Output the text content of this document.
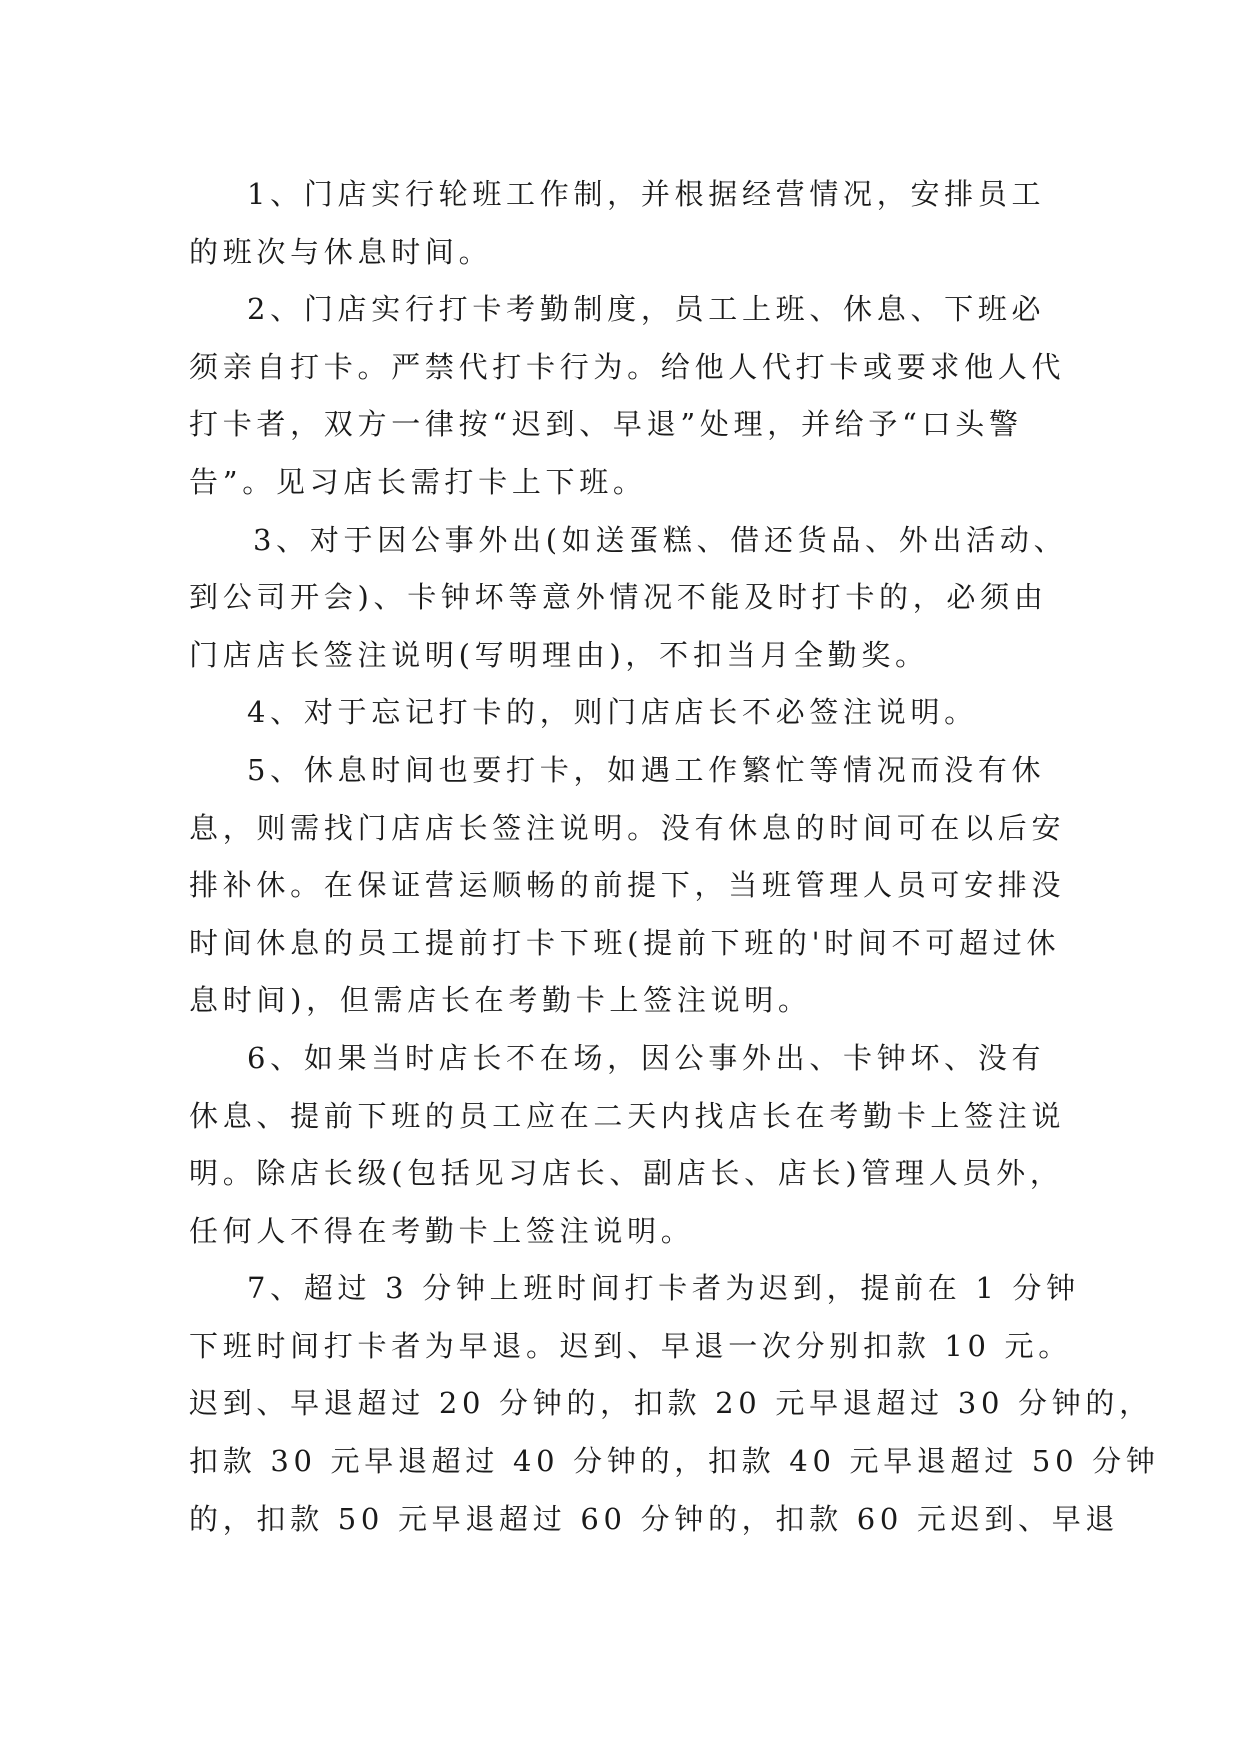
1、门店实行轮班工作制，并根据经营情况，安排员工
的班次与休息时间。

2、门店实行打卡考勤制度，员工上班、休息、下班必
须亲自打卡。严禁代打卡行为。给他人代打卡或要求他人代
打卡者，双方一律按“迟到、早退”处理，并给予“口头警
告”。见习店长需打卡上下班。

3、对于因公事外出(如送蛋糕、借还货品、外出活动、
到公司开会)、卡钟坏等意外情况不能及时打卡的，必须由
门店店长签注说明(写明理由)，不扣当月全勤奖。

4、对于忘记打卡的，则门店店长不必签注说明。

5、休息时间也要打卡，如遇工作繁忙等情况而没有休
息，则需找门店店长签注说明。没有休息的时间可在以后安
排补休。在保证营运顺畅的前提下，当班管理人员可安排没
时间休息的员工提前打卡下班(提前下班的'时间不可超过休
息时间)，但需店长在考勤卡上签注说明。

6、如果当时店长不在场，因公事外出、卡钟坏、没有
休息、提前下班的员工应在二天内找店长在考勤卡上签注说
明。除店长级(包括见习店长、副店长、店长)管理人员外，
任何人不得在考勤卡上签注说明。

7、超过 3 分钟上班时间打卡者为迟到，提前在 1 分钟
下班时间打卡者为早退。迟到、早退一次分别扣款 10 元。
迟到、早退超过 20 分钟的，扣款 20 元早退超过 30 分钟的，
扣款 30 元早退超过 40 分钟的，扣款 40 元早退超过 50 分钟
的，扣款 50 元早退超过 60 分钟的，扣款 60 元迟到、早退
